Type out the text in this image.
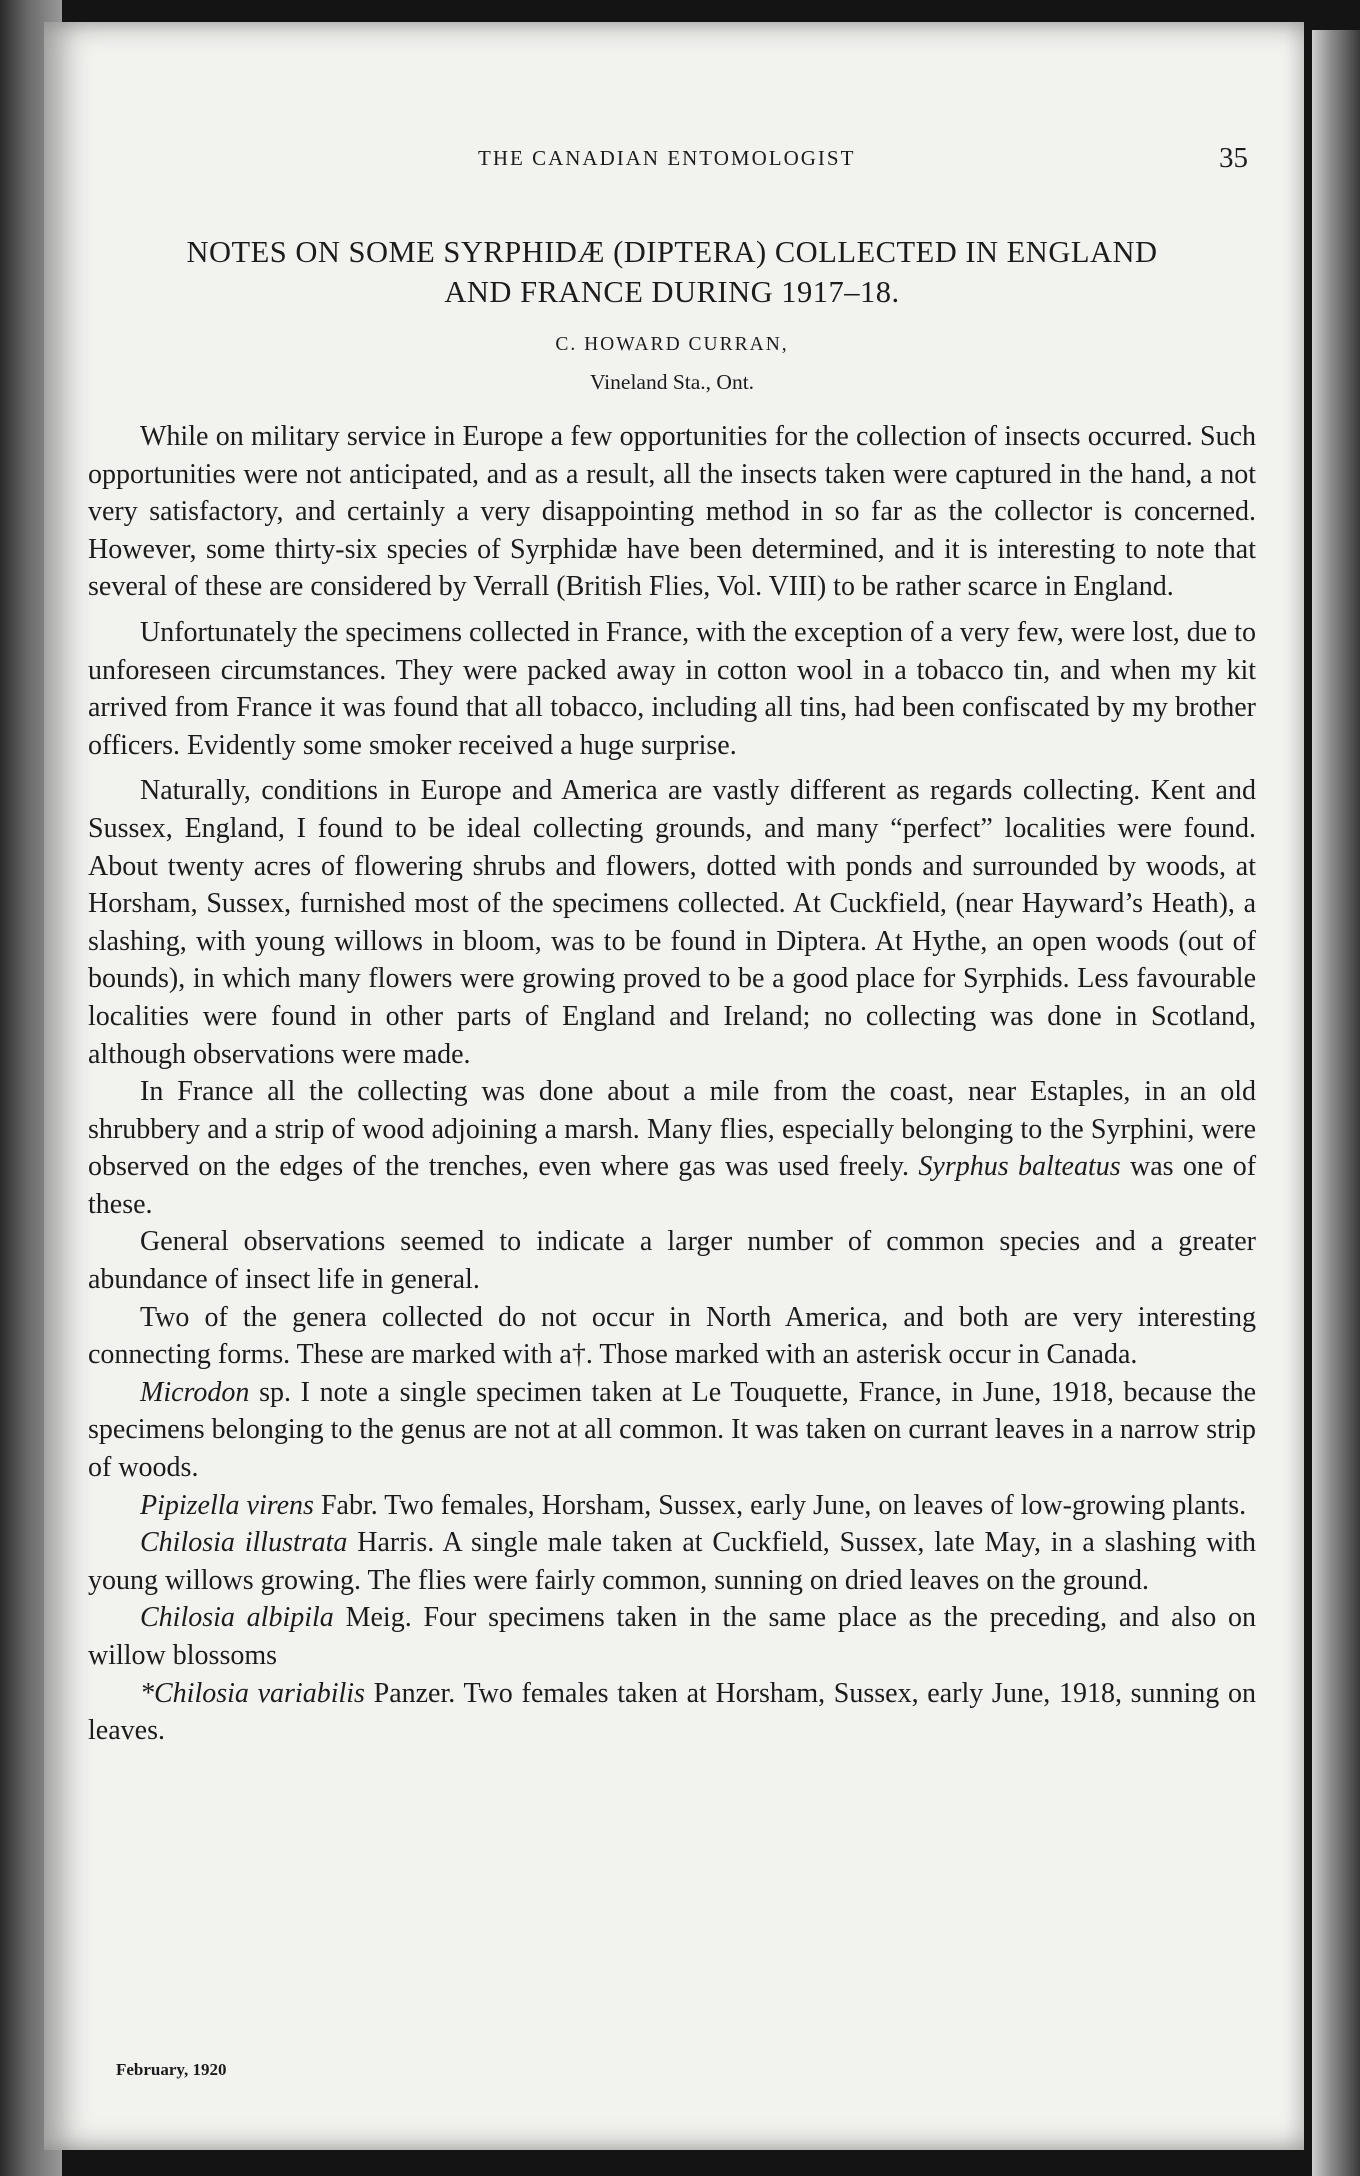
THE CANADIAN ENTOMOLOGIST	35
NOTES ON SOME SYRPHIDÆ (DIPTERA) COLLECTED IN ENGLAND
AND FRANCE DURING 1917–18.
C. HOWARD CURRAN,
Vineland Sta., Ont.

While on military service in Europe a few opportunities for the collection of insects occurred. Such opportunities were not anticipated, and as a result, all the insects taken were captured in the hand, a not very satisfactory, and certainly a very disappointing method in so far as the collector is concerned. However, some thirty-six species of Syrphidæ have been determined, and it is interesting to note that several of these are considered by Verrall (British Flies, Vol. VIII) to be rather scarce in England.

Unfortunately the specimens collected in France, with the exception of a very few, were lost, due to unforeseen circumstances. They were packed away in cotton wool in a tobacco tin, and when my kit arrived from France it was found that all tobacco, including all tins, had been confiscated by my brother officers. Evidently some smoker received a huge surprise.

Naturally, conditions in Europe and America are vastly different as regards collecting. Kent and Sussex, England, I found to be ideal collecting grounds, and many “perfect” localities were found. About twenty acres of flowering shrubs and flowers, dotted with ponds and surrounded by woods, at Horsham, Sussex, furnished most of the specimens collected. At Cuckfield, (near Hayward’s Heath), a slashing, with young willows in bloom, was to be found in Diptera. At Hythe, an open woods (out of bounds), in which many flowers were growing proved to be a good place for Syrphids. Less favourable localities were found in other parts of England and Ireland; no collecting was done in Scotland, although observations were made.

In France all the collecting was done about a mile from the coast, near Estaples, in an old shrubbery and a strip of wood adjoining a marsh. Many flies, especially belonging to the Syrphini, were observed on the edges of the trenches, even where gas was used freely. Syrphus balteatus was one of these.

General observations seemed to indicate a larger number of common species and a greater abundance of insect life in general.

Two of the genera collected do not occur in North America, and both are very interesting connecting forms. These are marked with a†. Those marked with an asterisk occur in Canada.

Microdon sp. I note a single specimen taken at Le Touquette, France, in June, 1918, because the specimens belonging to the genus are not at all common. It was taken on currant leaves in a narrow strip of woods.

Pipizella virens Fabr. Two females, Horsham, Sussex, early June, on leaves of low-growing plants.

Chilosia illustrata Harris. A single male taken at Cuckfield, Sussex, late May, in a slashing with young willows growing. The flies were fairly common, sunning on dried leaves on the ground.

Chilosia albipila Meig. Four specimens taken in the same place as the preceding, and also on willow blossoms

*Chilosia variabilis Panzer. Two females taken at Horsham, Sussex, early June, 1918, sunning on leaves.

February, 1920
